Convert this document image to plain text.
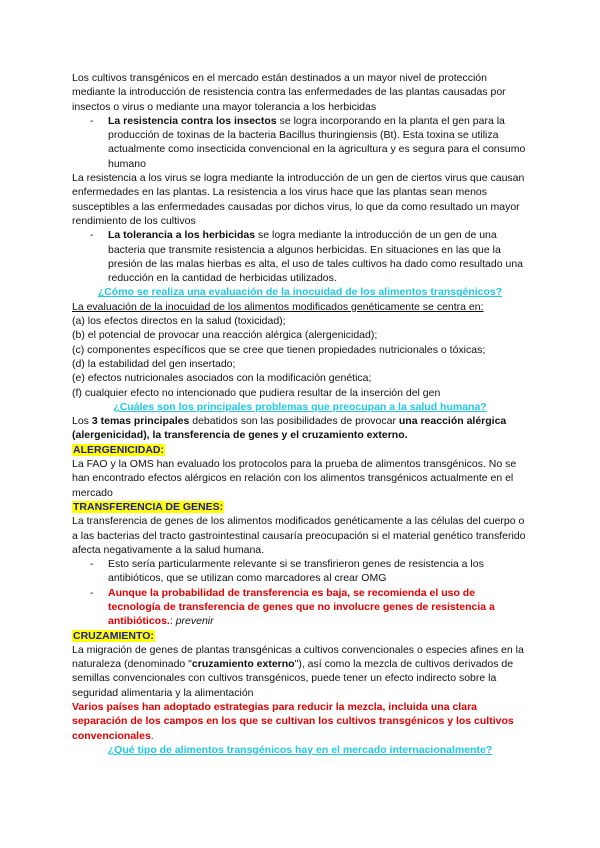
Los cultivos transgénicos en el mercado están destinados a un mayor nivel de protección mediante la introducción de resistencia contra las enfermedades de las plantas causadas por insectos o virus o mediante una mayor tolerancia a los herbicidas

- La resistencia contra los insectos se logra incorporando en la planta el gen para la producción de toxinas de la bacteria Bacillus thuringiensis (Bt). Esta toxina se utiliza actualmente como insecticida convencional en la agricultura y es segura para el consumo humano

La resistencia a los virus se logra mediante la introducción de un gen de ciertos virus que causan enfermedades en las plantas. La resistencia a los virus hace que las plantas sean menos susceptibles a las enfermedades causadas por dichos virus, lo que da como resultado un mayor rendimiento de los cultivos

- La tolerancia a los herbicidas se logra mediante la introducción de un gen de una bacteria que transmite resistencia a algunos herbicidas. En situaciones en las que la presión de las malas hierbas es alta, el uso de tales cultivos ha dado como resultado una reducción en la cantidad de herbicidas utilizados.

¿Cómo se realiza una evaluación de la inocuidad de los alimentos transgénicos?

La evaluación de la inocuidad de los alimentos modificados genéticamente se centra en:

(a) los efectos directos en la salud (toxicidad);

(b) el potencial de provocar una reacción alérgica (alergenicidad);

(c) componentes específicos que se cree que tienen propiedades nutricionales o tóxicas;

(d) la estabilidad del gen insertado;

(e) efectos nutricionales asociados con la modificación genética;

(f) cualquier efecto no intencionado que pudiera resultar de la inserción del gen

¿Cuáles son los principales problemas que preocupan a la salud humana?

Los 3 temas principales debatidos son las posibilidades de provocar una reacción alérgica (alergenicidad), la transferencia de genes y el cruzamiento externo.

ALERGENICIDAD:

La FAO y la OMS han evaluado los protocolos para la prueba de alimentos transgénicos. No se han encontrado efectos alérgicos en relación con los alimentos transgénicos actualmente en el mercado

TRANSFERENCIA DE GENES:

La transferencia de genes de los alimentos modificados genéticamente a las células del cuerpo o a las bacterias del tracto gastrointestinal causaría preocupación si el material genético transferido afecta negativamente a la salud humana.

- Esto sería particularmente relevante si se transfirieron genes de resistencia a los antibióticos, que se utilizan como marcadores al crear OMG
- Aunque la probabilidad de transferencia es baja, se recomienda el uso de tecnología de transferencia de genes que no involucre genes de resistencia a antibióticos.: prevenir

CRUZAMIENTO:

La migración de genes de plantas transgénicas a cultivos convencionales o especies afines en la naturaleza (denominado "cruzamiento externo"), así como la mezcla de cultivos derivados de semillas convencionales con cultivos transgénicos, puede tener un efecto indirecto sobre la seguridad alimentaria y la alimentación

Varios países han adoptado estrategias para reducir la mezcla, incluida una clara separación de los campos en los que se cultivan los cultivos transgénicos y los cultivos convencionales.

¿Qué tipo de alimentos transgénicos hay en el mercado internacionalmente?
